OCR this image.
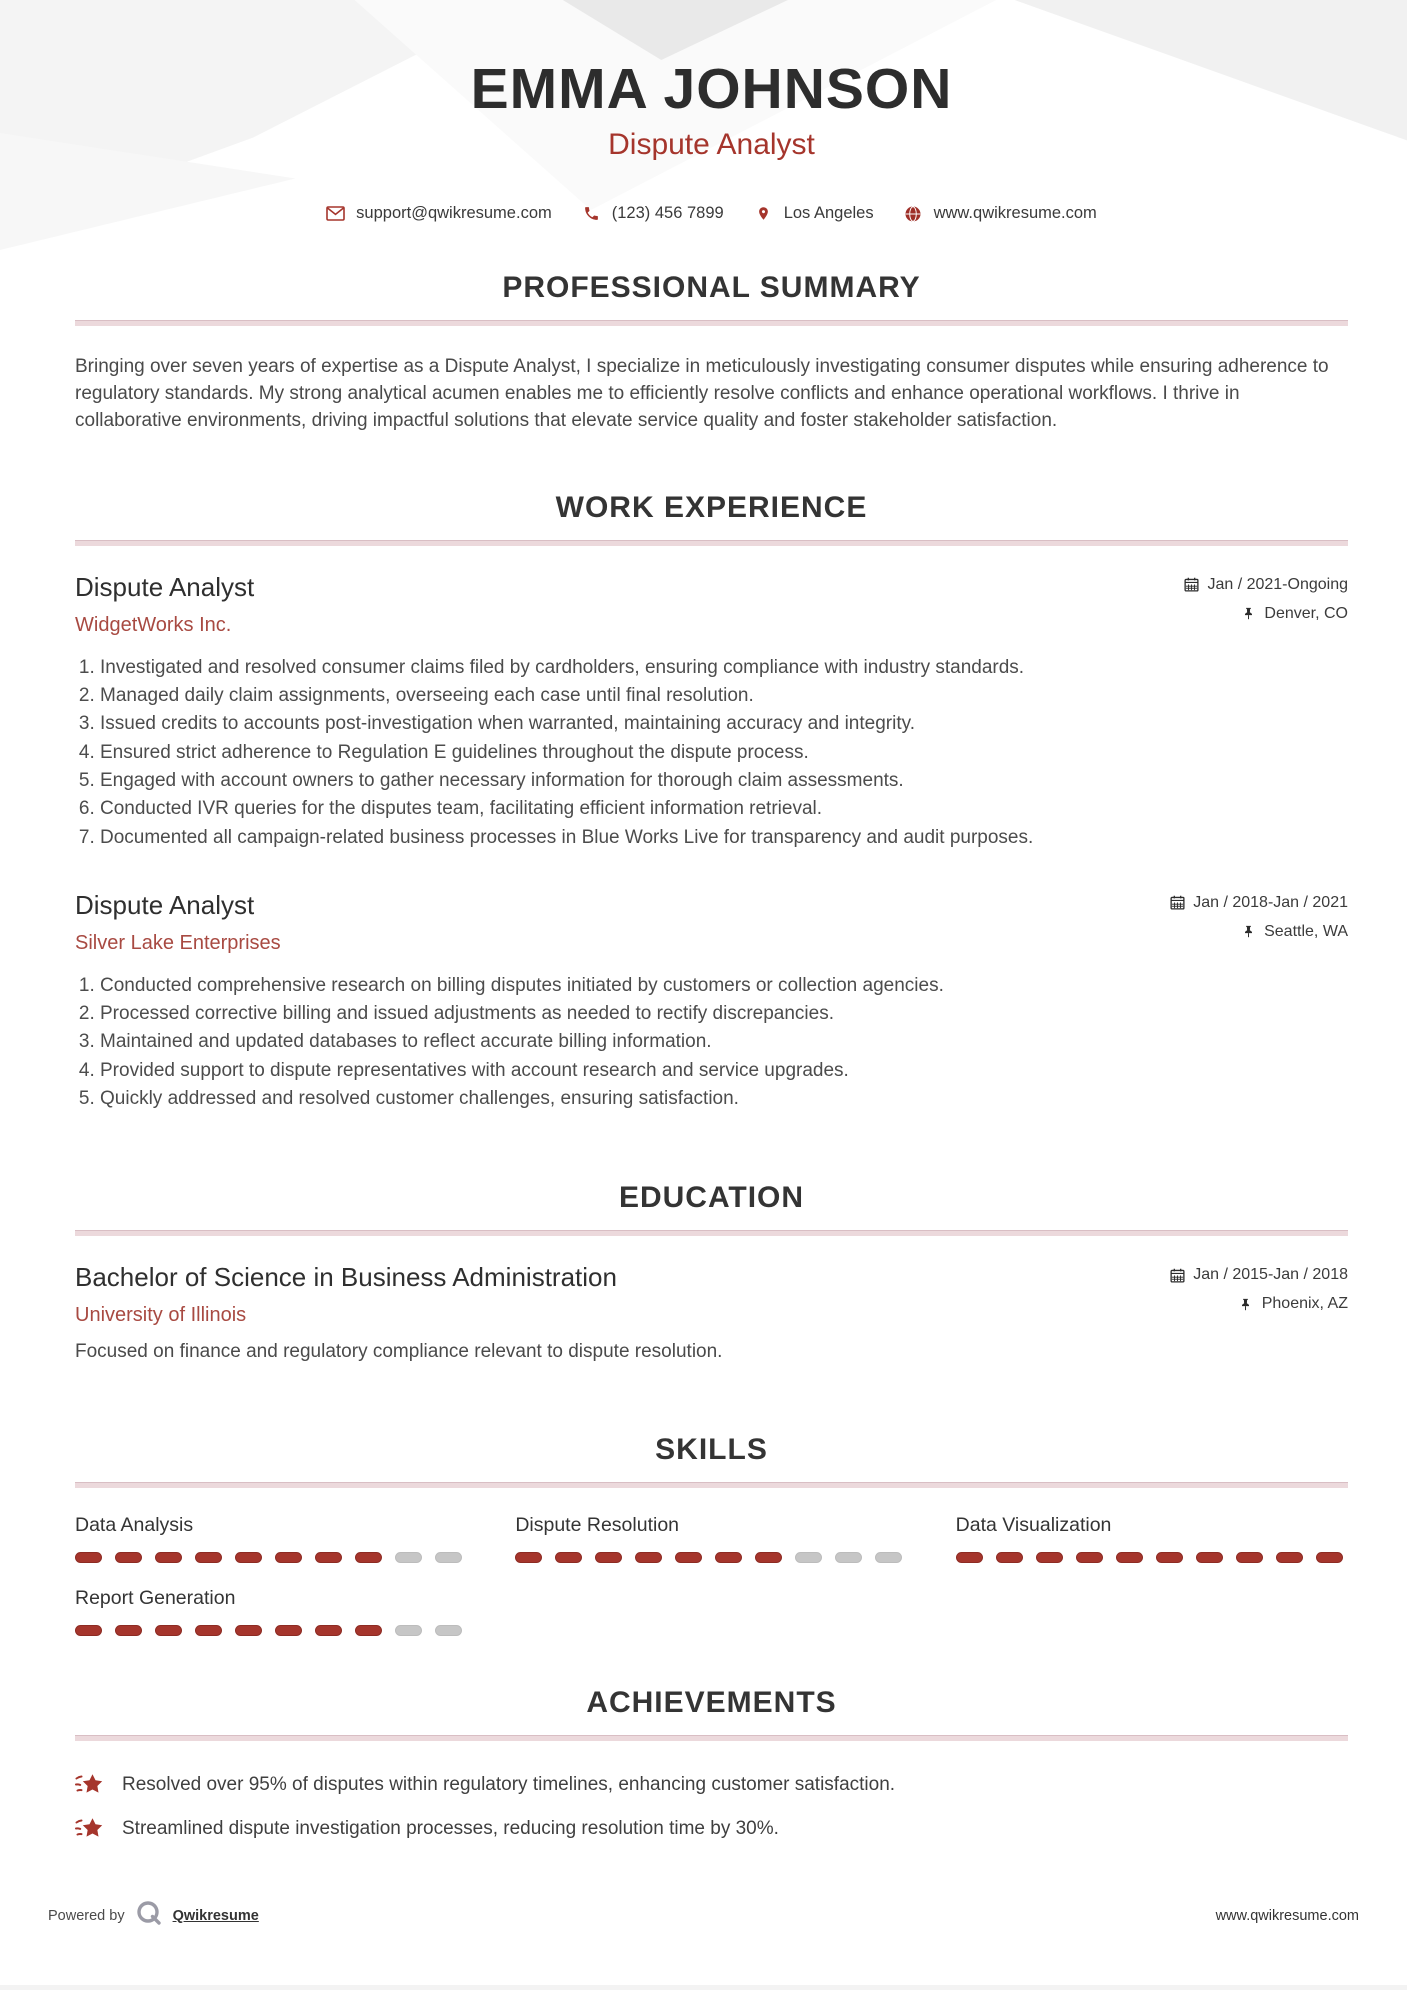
EMMA JOHNSON
Dispute Analyst
support@qwikresume.com	(123) 456 7899	Los Angeles	www.qwikresume.com
PROFESSIONAL SUMMARY

Bringing over seven years of expertise as a Dispute Analyst, I specialize in meticulously investigating consumer disputes while ensuring adherence to regulatory standards. My strong analytical acumen enables me to efficiently resolve conflicts and enhance operational workflows. I thrive in collaborative environments, driving impactful solutions that elevate service quality and foster stakeholder satisfaction.

WORK EXPERIENCE
Dispute Analyst
WidgetWorks Inc.
Jan / 2021-Ongoing
Denver, CO
1. Investigated and resolved consumer claims filed by cardholders, ensuring compliance with industry standards.
2. Managed daily claim assignments, overseeing each case until final resolution.
3. Issued credits to accounts post-investigation when warranted, maintaining accuracy and integrity.
4. Ensured strict adherence to Regulation E guidelines throughout the dispute process.
5. Engaged with account owners to gather necessary information for thorough claim assessments.
6. Conducted IVR queries for the disputes team, facilitating efficient information retrieval.
7. Documented all campaign-related business processes in Blue Works Live for transparency and audit purposes.
Dispute Analyst
Silver Lake Enterprises
Jan / 2018-Jan / 2021
Seattle, WA
1. Conducted comprehensive research on billing disputes initiated by customers or collection agencies.
2. Processed corrective billing and issued adjustments as needed to rectify discrepancies.
3. Maintained and updated databases to reflect accurate billing information.
4. Provided support to dispute representatives with account research and service upgrades.
5. Quickly addressed and resolved customer challenges, ensuring satisfaction.
EDUCATION
Bachelor of Science in Business Administration
University of Illinois
Jan / 2015-Jan / 2018
Phoenix, AZ

Focused on finance and regulatory compliance relevant to dispute resolution.

SKILLS
Data Analysis	Dispute Resolution	Data Visualization
Report Generation
ACHIEVEMENTS
Resolved over 95% of disputes within regulatory timelines, enhancing customer satisfaction.
Streamlined dispute investigation processes, reducing resolution time by 30%.
Powered by	Qwikresume	www.qwikresume.com
